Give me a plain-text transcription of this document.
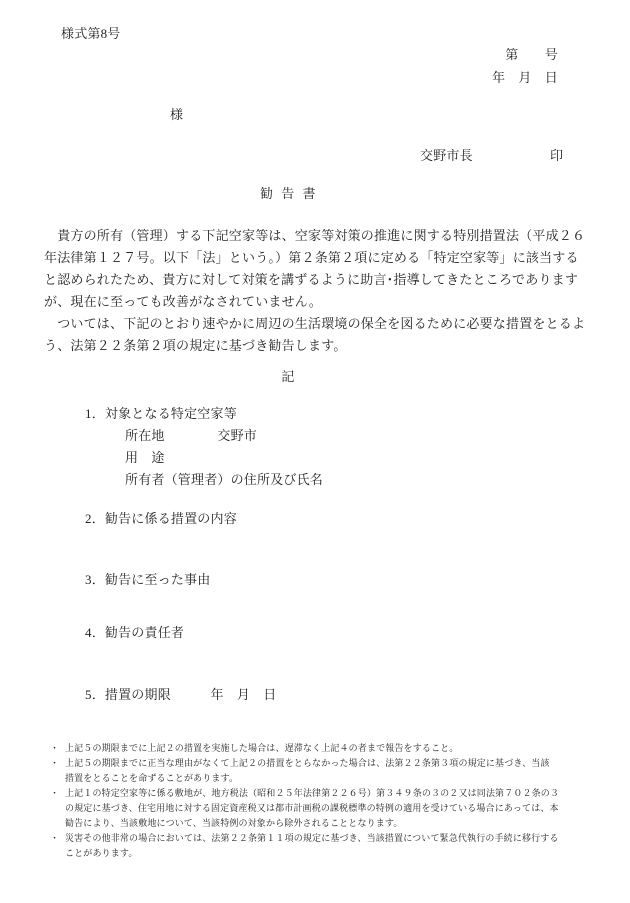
様式第8号
第　　号
年　月　日
様
交野市長	印
勧 告 書
　貴方の所有（管理）する下記空家等は、空家等対策の推進に関する特別措置法（平成２６
年法律第１２７号。以下「法」という。）第２条第２項に定める「特定空家等」に該当する
と認められたため、貴方に対して対策を講ずるように助言･指導してきたところであります
が、現在に至っても改善がなされていません。
　ついては、下記のとおり速やかに周辺の生活環境の保全を図るために必要な措置をとるよ
う、法第２２条第２項の規定に基づき勧告します。
記
1．対象となる特定空家等
所在地　　　　交野市
用　途
所有者（管理者）の住所及び氏名
2．勧告に係る措置の内容
3．勧告に至った事由
4．勧告の責任者
5．措置の期限　　　年　月　日
・ 上記５の期限までに上記２の措置を実施した場合は、遅滞なく上記４の者まで報告をすること。
・ 上記５の期限までに正当な理由がなくて上記２の措置をとらなかった場合は、法第２２条第３項の規定に基づき、当該
措置をとることを命ずることがあります。
・ 上記１の特定空家等に係る敷地が、地方税法（昭和２５年法律第２２６号）第３４９条の３の２又は同法第７０２条の３
の規定に基づき、住宅用地に対する固定資産税又は都市計画税の課税標準の特例の適用を受けている場合にあっては、本
勧告により、当該敷地について、当該特例の対象から除外されることとなります。
・ 災害その他非常の場合においては、法第２２条第１１項の規定に基づき、当該措置について緊急代執行の手続に移行する
ことがあります。
